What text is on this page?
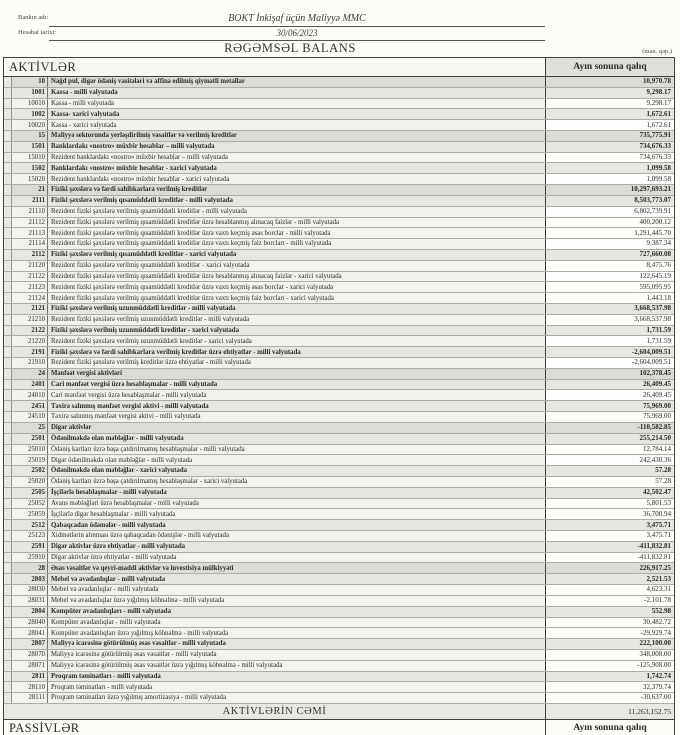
Bankın adı:	BOKT İnkişaf üçün Maliyyə MMC
Hesabat tarixi:	30/06/2023
RƏGƏMSƏL BALANS	(man. qəp.)
AKTİVLƏR	Ayın sonuna qalıq
10 Nağd pul, digər ödəniş vasitələri və affinə edilmiş qiymətli metallar	10,970.78
1001 Kassa - milli valyutada	9,298.17
10010 Kassa - milli valyutada	9,298.17
1002 Kassa- xarici valyutada	1,672.61
10020 Kassa - xarici valyutada	1,672.61
15 Maliyyə sektorunda yerləşdirilmiş vəsaitlər və verilmiş kreditlər	735,775.91
1501 Banklardakı «nostro» müxbir hesablar – milli valyutada	734,676.33
15010 Rezident banklardakı «nostro» müxbir hesablar – milli valyutada	734,676.33
1502 Banklardakı «nostro» müxbir hesablar - xarici valyutada	1,099.58
15020 Rezident banklardakı «nostro» müxbir hesablar - xarici valyutada	1,099.58
21 Fiziki şəxslərə və fərdi sahibkarlara verilmiş kreditlər	10,297,693.21
2111 Fiziki şəxslərə verilmiş qısamüddətli kreditlər - milli valyutada	8,503,773.07
21110 Rezident fiziki şəxslərə verilmiş qısamüddətli kreditlər - milli valyutada	6,802,739.91
21112 Rezident fiziki şəxslərə verilmiş qısamüddətli kreditlər üzrə hesablanmış alınacaq faizlər - milli valyutada	400,200.12
21113 Rezident fiziki şəxslərə verilmiş qısamüddətli kreditlər üzrə vaxtı keçmiş əsas borclar - milli valyutada	1,291,445.70
21114 Rezident fiziki şəxslərə verilmiş qısamüddətli kreditlər üzrə vaxtı keçmiş faiz borcları - milli valyutada	9,387.34
2112 Fiziki şəxslərə verilmiş qısamüddətli kreditlər - xarici valyutada	727,660.08
21120 Rezident fiziki şəxslərə verilmiş qısamüddətli kreditlər - xarici valyutada	8,475.76
21122 Rezident fiziki şəxslərə verilmiş qısamüddətli kreditlər üzrə hesablanmış alınacaq faizlər - xarici valyutada	122,645.19
21123 Rezident fiziki şəxslərə verilmiş qısamüddətli kreditlər üzrə vaxtı keçmiş əsas borclar - xarici valyutada	595,095.95
21124 Rezident fiziki şəxslərə verilmiş qısamüddətli kreditlər üzrə vaxtı keçmiş faiz borcları - xarici valyutada	1,443.18
2121 Fiziki şəxslərə verilmiş uzunmüddətli kreditlər - milli valyutada	3,668,537.98
21210 Rezident fiziki şəxslərə verilmiş uzunmüddətli kreditlər - milli valyutada	3,668,537.98
2122 Fiziki şəxslərə verilmiş uzunmüddətli kreditlər - xarici valyutada	1,731.59
21220 Rezident fiziki şəxslərə verilmiş uzunmüddətli kreditlər - xarici valyutada	1,731.59
2191 Fiziki şəxslərə və fərdi sahibkarlara verilmiş kreditlər üzrə ehtiyatlar - milli valyutada	-2,604,009.51
21910 Rezident fiziki şəxslərə verilmiş kreditlər üzrə ehtiyatlar - milli valyutada	-2,604,009.51
24 Mənfəət vergisi aktivləri	102,378.45
2401 Cari mənfəət vergisi üzrə hesablaşmalar - milli valyutada	26,409.45
24010 Cari mənfəət vergisi üzrə hesablaşmalar - milli valyutada	26,409.45
2451 Təxirə salınmış mənfəət vergisi aktivi - milli valyutada	75,969.00
24510 Təxirə salınmış mənfəət vergisi aktivi - milli valyutada	75,969.00
25 Digər aktivlər	-110,582.85
2501 Ödənilməkdə olan məbləğlər - milli valyutada	255,214.50
25010 Ödəniş kartları üzrə başa çatdırılmamış hesablaşmalar - milli valyutada	12,784.14
25019 Digər ödənilməkdə olan məbləğlər - milli valyutada	242,430.36
2502 Ödənilməkdə olan məbləğlər - xarici valyutada	57.28
25020 Ödəniş kartları üzrə başa çatdırılmamış hesablaşmalar - xarici valyutada	57.28
2505 İşçilərlə hesablaşmalar - milli valyutada	42,502.47
25052 Avans məbləğləri üzrə hesablaşmalar - milli valyutada	5,801.53
25059 İşçilərlə digər hesablaşmalar - milli valyutada	36,700.94
2512 Qabaqcadan ödəmələr - milli valyutada	3,475.71
25123 Xidmətlərin alınması üzrə qabaqcadan ödənişlər - milli valyutada	3,475.71
2591 Digər aktivlər üzrə ehtiyatlar - milli valyutada	-411,832.81
25910 Digər aktivlər üzrə ehtiyatlar - milli valyutada	-411,832.81
28 Əsas vəsaitlər və qeyri-maddi aktivlər və investisiya mülkiyyəti	226,917.25
2803 Mebel və avadanlıqlar - milli valyutada	2,521.53
28030 Mebel və avadanlıqlar - milli valyutada	4,623.31
28031 Mebel və avadanlıqlar üzrə yığılmış köhnəlmə - milli valyutada	-2,101.78
2804 Kompüter avadanlıqları - milli valyutada	552.98
28040 Kompüter avadanlıqlar - milli valyutada	30,482.72
28041 Kompüter avadanlıqları üzrə yığılmış köhnəlmə - milli valyutada	-29,929.74
2807 Maliyyə icarəsinə götürülmüş əsas vəsaitlər - milli valyutada	222,100.00
28070 Maliyyə icarəsinə götürülmüş əsas vəsaitlər - milli valyutada	348,008.00
28071 Maliyyə icarəsinə götürülmüş əsas vəsaitlər üzrə yığılmış köhnəlmə - milli valyutada	-125,908.00
2811 Proqram təminatları - milli valyutada	1,742.74
28110 Proqram təminatları - milli valyutada	32,379.74
28111 Proqram təminatları üzrə yığılmış amortizasiya - milli valyutada	-30,637.00
AKTİVLƏRİN CƏMİ	11,263,152.75
PASSİVLƏR	Ayın sonuna qalıq
